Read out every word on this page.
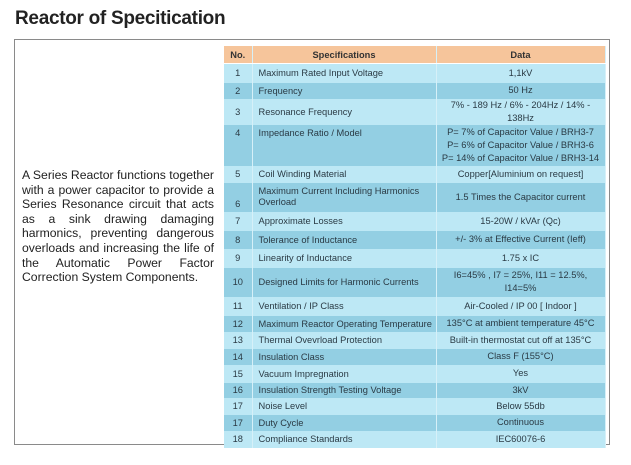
Reactor of Specitication
A Series Reactor functions together with a power capacitor to provide a Series Resonance circuit that acts as a sink drawing damaging harmonics, preventing dangerous overloads and increasing the life of the Automatic Power Factor Correction System Components.
No.	Specifications	Data
1	Maximum Rated Input Voltage	1,1kV

2	Frequency	50 Hz

3	Resonance Frequency	7% - 189 Hz / 6% - 204Hz / 14% - 138Hz

4	Impedance Ratio / Model	P= 7% of Capacitor Value / BRH3-7
P= 6% of Capacitor Value / BRH3-6
P= 14% of Capacitor Value / BRH3-14

5	Coil Winding Material	Copper[Aluminium on request]

6	Maximum Current Including Harmonics Overload	1.5 Times the Capacitor current

7	Approximate Losses	15-20W / kVAr (Qc)

8	Tolerance of Inductance	+/- 3% at Effective Current (Ieff)

9	Linearity of Inductance	1.75 x IC

10	Designed Limits for Harmonic Currents	I6=45% , I7 = 25%, I11 = 12.5%, I14=5%

11	Ventilation / IP Class	Air-Cooled / IP 00 [ Indoor ]

12	Maximum Reactor Operating Temperature	135°C at ambient temperature 45°C

13	Thermal Ovevrload Protection	Built-in thermostat cut off at 135°C

14	Insulation Class	Class F (155°C)

15	Vacuum Impregnation	Yes

16	Insulation Strength Testing Voltage	3kV

17	Noise Level	Below 55db

17	Duty Cycle	Continuous

18	Compliance Standards	IEC60076-6
